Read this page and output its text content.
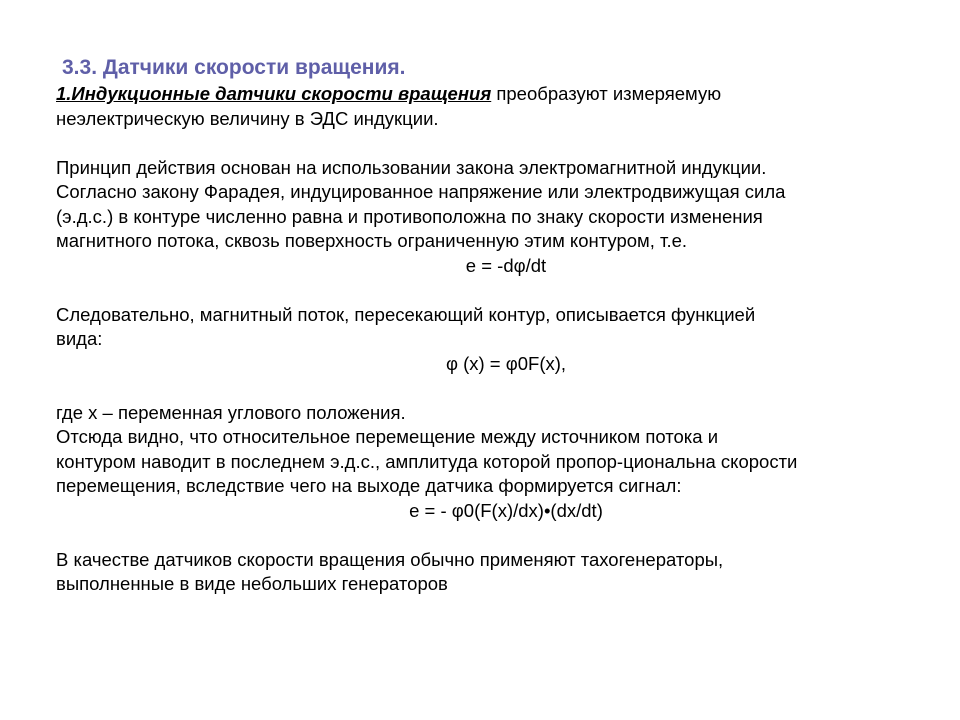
3.3. Датчики скорости вращения.
1.Индукционные датчики скорости вращения преобразуют измеряемую
неэлектрическую величину в ЭДС индукции.
Принцип действия основан на использовании закона электромагнитной индукции.
Согласно закону Фарадея, индуцированное напряжение или электродвижущая сила
(э.д.с.) в контуре численно равна и противоположна по знаку скорости изменения
магнитного потока, сквозь поверхность ограниченную этим контуром, т.е.
e = -dφ/dt
Следовательно, магнитный поток, пересекающий контур, описывается функцией
вида:
φ (x) = φ0F(x),
где x – переменная углового положения.
Отсюда видно, что относительное перемещение между источником потока и
контуром наводит в последнем э.д.с., амплитуда которой пропор-циональна скорости
перемещения, вследствие чего на выходе датчика формируется сигнал:
e = - φ0(F(x)/dx)•(dx/dt)
В качестве датчиков скорости вращения обычно применяют тахогенераторы,
выполненные в виде небольших генераторов
